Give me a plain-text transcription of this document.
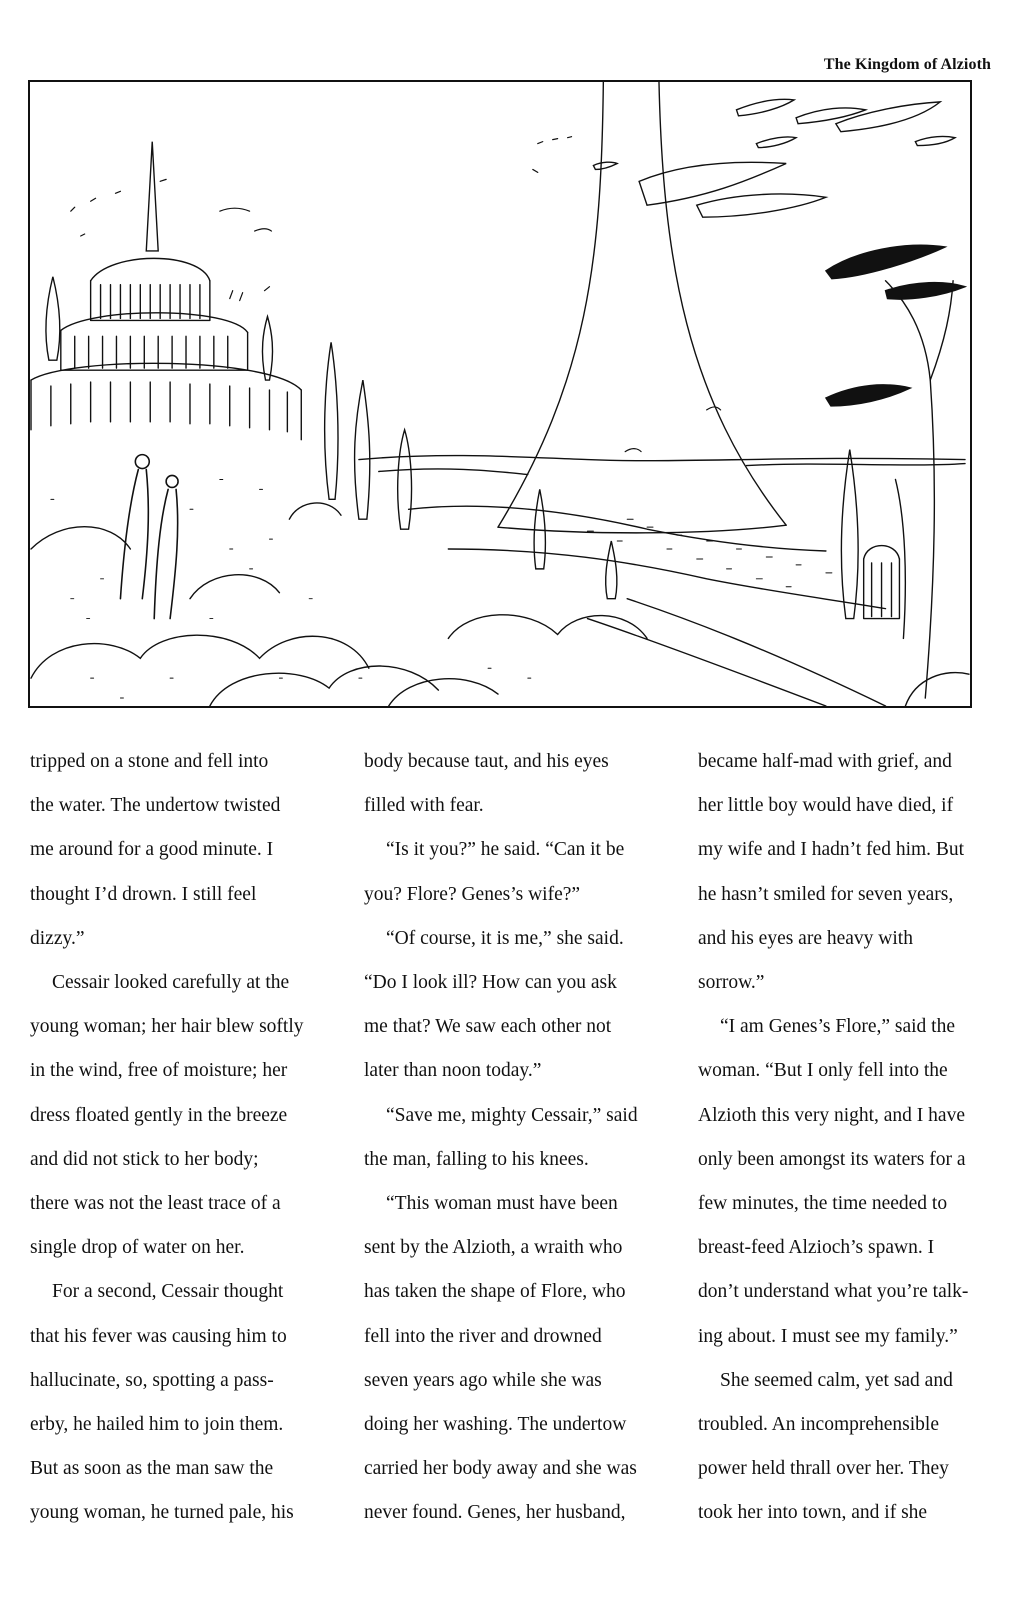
The Kingdom of Alzioth

tripped on a stone and fell into

the water. The undertow twisted

me around for a good minute. I

thought I’d drown. I still feel

dizzy.”

Cessair looked carefully at the

young woman; her hair blew softly

in the wind, free of moisture; her

dress floated gently in the breeze

and did not stick to her body;

there was not the least trace of a

single drop of water on her.

For a second, Cessair thought

that his fever was causing him to

hallucinate, so, spotting a pass-

erby, he hailed him to join them.

But as soon as the man saw the

young woman, he turned pale, his

body because taut, and his eyes

filled with fear.

“Is it you?” he said. “Can it be

you? Flore? Genes’s wife?”

“Of course, it is me,” she said.

“Do I look ill? How can you ask

me that? We saw each other not

later than noon today.”

“Save me, mighty Cessair,” said

the man, falling to his knees.

“This woman must have been

sent by the Alzioth, a wraith who

has taken the shape of Flore, who

fell into the river and drowned

seven years ago while she was

doing her washing. The undertow

carried her body away and she was

never found. Genes, her husband,

became half-mad with grief, and

her little boy would have died, if

my wife and I hadn’t fed him. But

he hasn’t smiled for seven years,

and his eyes are heavy with

sorrow.”

“I am Genes’s Flore,” said the

woman. “But I only fell into the

Alzioth this very night, and I have

only been amongst its waters for a

few minutes, the time needed to

breast-feed Alzioch’s spawn. I

don’t understand what you’re talk-

ing about. I must see my family.”

She seemed calm, yet sad and

troubled. An incomprehensible

power held thrall over her. They

took her into town, and if she
